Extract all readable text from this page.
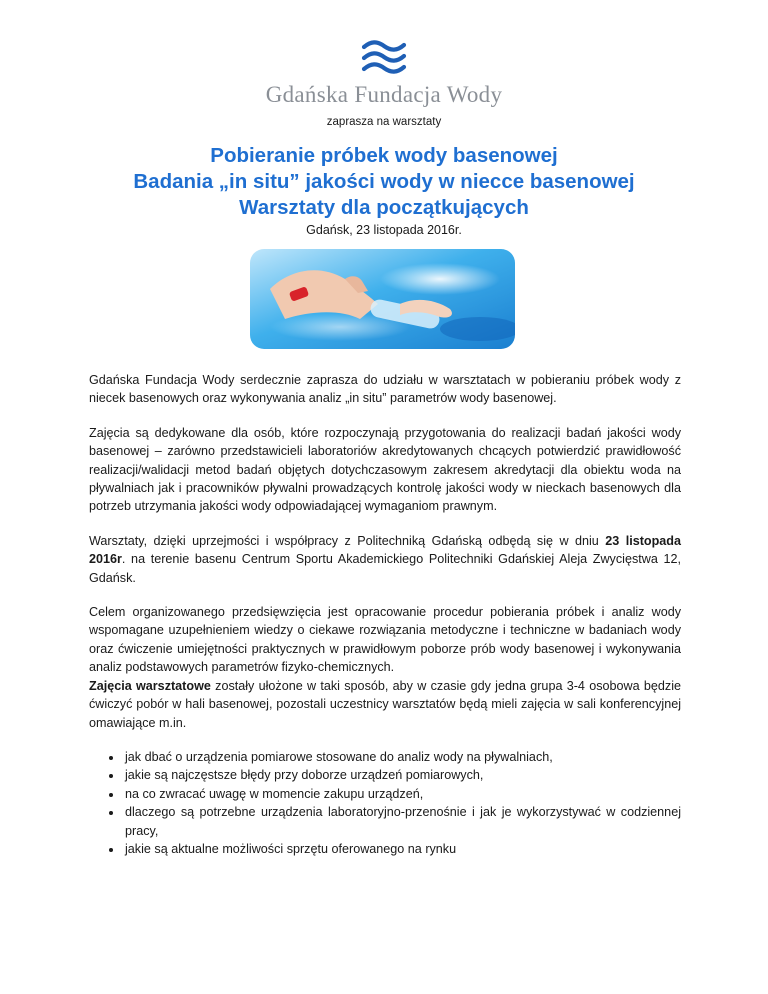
Gdańska Fundacja Wody
zaprasza na warsztaty
Pobieranie próbek wody basenowej
Badania „in situ” jakości wody w niecce basenowej
Warsztaty dla początkujących
Gdańsk, 23 listopada 2016r.

Gdańska Fundacja Wody serdecznie zaprasza do udziału w warsztatach w pobieraniu próbek wody z niecek basenowych oraz wykonywania analiz „in situ” parametrów wody basenowej.

Zajęcia są dedykowane dla osób, które rozpoczynają przygotowania do realizacji badań jakości wody basenowej – zarówno przedstawicieli laboratoriów akredytowanych chcących potwierdzić prawidłowość realizacji/walidacji metod badań objętych dotychczasowym zakresem akredytacji dla obiektu woda na pływalniach jak i pracowników pływalni prowadzących kontrolę jakości wody w nieckach basenowych dla potrzeb utrzymania jakości wody odpowiadającej wymaganiom prawnym.

Warsztaty, dzięki uprzejmości i współpracy z Politechniką Gdańską odbędą się w dniu 23 listopada 2016r. na terenie basenu Centrum Sportu Akademickiego Politechniki Gdańskiej Aleja Zwycięstwa 12, Gdańsk.

Celem organizowanego przedsięwzięcia jest opracowanie procedur pobierania próbek i analiz wody wspomagane uzupełnieniem wiedzy o ciekawe rozwiązania metodyczne i techniczne w badaniach wody oraz ćwiczenie umiejętności praktycznych w prawidłowym poborze prób wody basenowej i wykonywania analiz podstawowych parametrów fizyko-chemicznych.

Zajęcia warsztatowe zostały ułożone w taki sposób, aby w czasie gdy jedna grupa 3-4 osobowa będzie ćwiczyć pobór w hali basenowej, pozostali uczestnicy warsztatów będą mieli zajęcia w sali konferencyjnej omawiające m.in.

• jak dbać o urządzenia pomiarowe stosowane do analiz wody na pływalniach,
• jakie są najczęstsze błędy przy doborze urządzeń pomiarowych,
• na co zwracać uwagę w momencie zakupu urządzeń,
• dlaczego są potrzebne urządzenia laboratoryjno-przenośnie i jak je wykorzystywać w codziennej pracy,
• jakie są aktualne możliwości sprzętu oferowanego na rynku
